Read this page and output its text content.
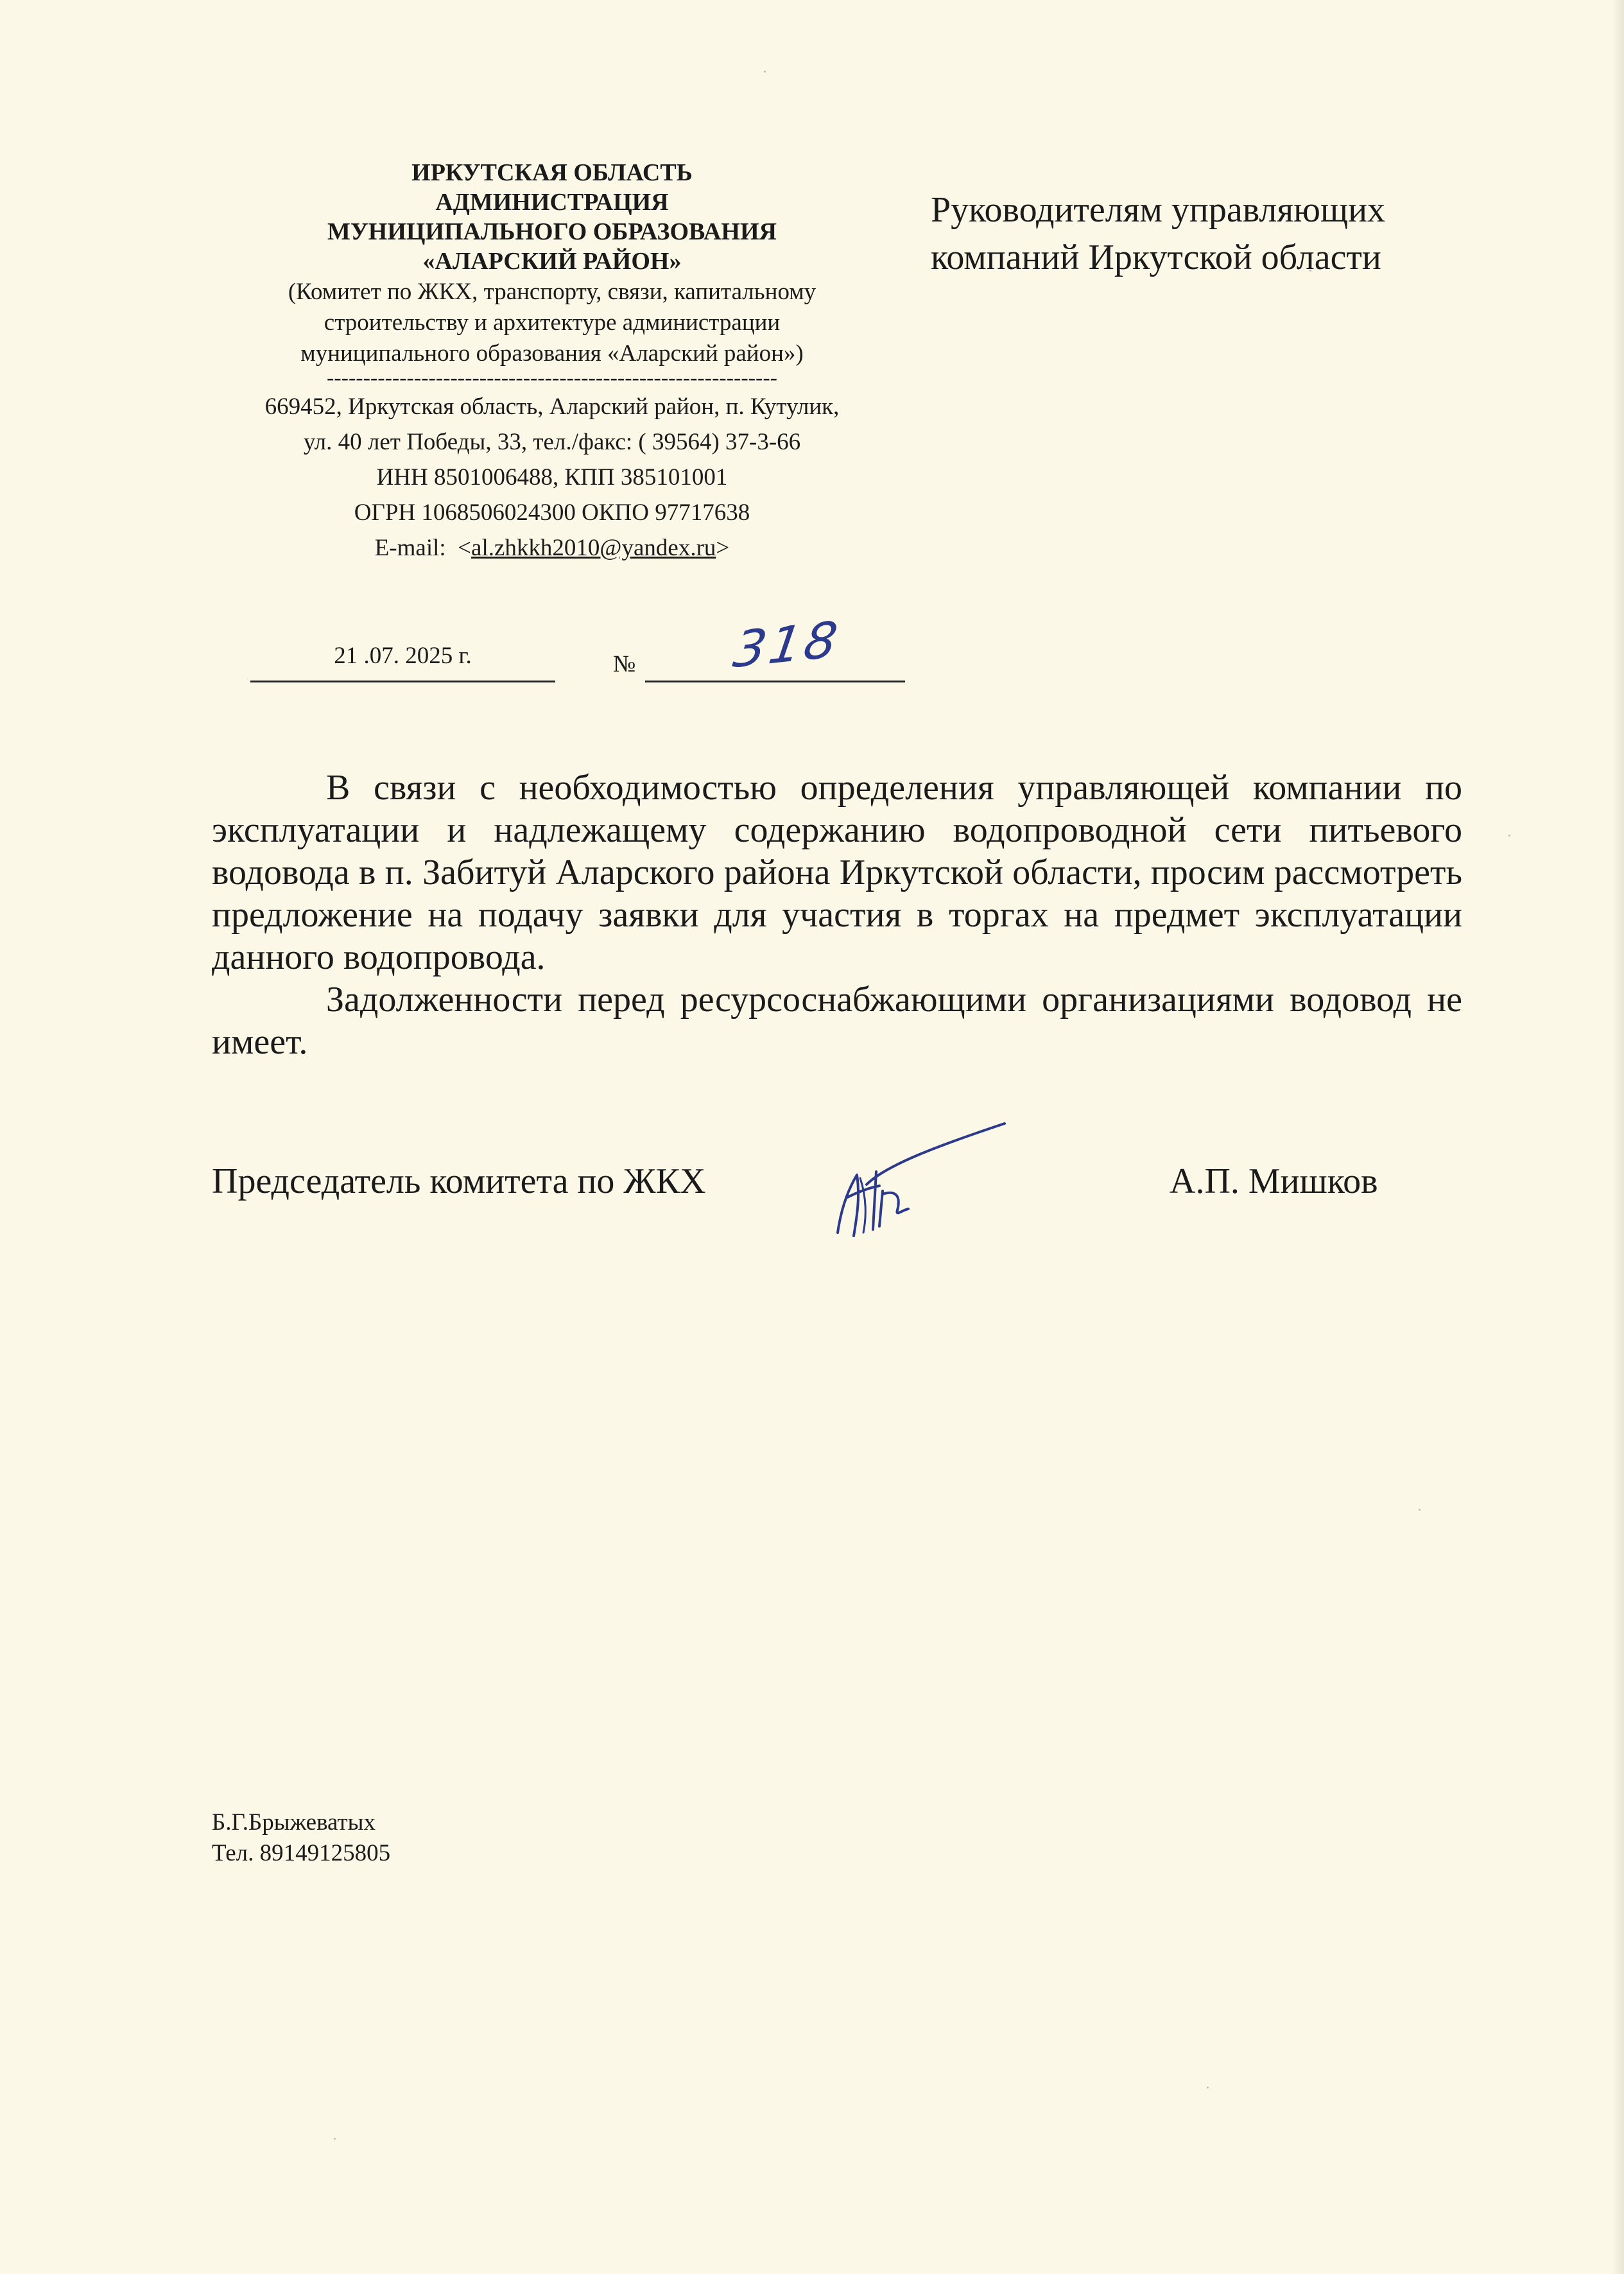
ИРКУТСКАЯ ОБЛАСТЬ
АДМИНИСТРАЦИЯ
МУНИЦИПАЛЬНОГО ОБРАЗОВАНИЯ
«АЛАРСКИЙ РАЙОН»
(Комитет по ЖКХ, транспорту, связи, капитальному
строительству и архитектуре администрации
муниципального образования «Аларский район»)
--------------------------------------------------------------
669452, Иркутская область, Аларский район, п. Кутулик,
ул. 40 лет Победы, 33, тел./факс: ( 39564) 37-3-66
ИНН 8501006488, КПП 385101001
ОГРН 1068506024300 ОКПО 97717638
E-mail: <al.zhkkh2010@yandex.ru>
Руководителям управляющих
компаний Иркутской области
21 .07. 2025 г.	№ 318

В связи с необходимостью определения управляющей компании по эксплуатации и надлежащему содержанию водопроводной сети питьевого водовода в п. Забитуй Аларского района Иркутской области, просим рассмотреть предложение на подачу заявки для участия в торгах на предмет эксплуатации данного водопровода.

Задолженности перед ресурсоснабжающими организациями водовод не имеет.

Председатель комитета по ЖКХ	А.П. Мишков
Б.Г.Брыжеватых
Тел. 89149125805
